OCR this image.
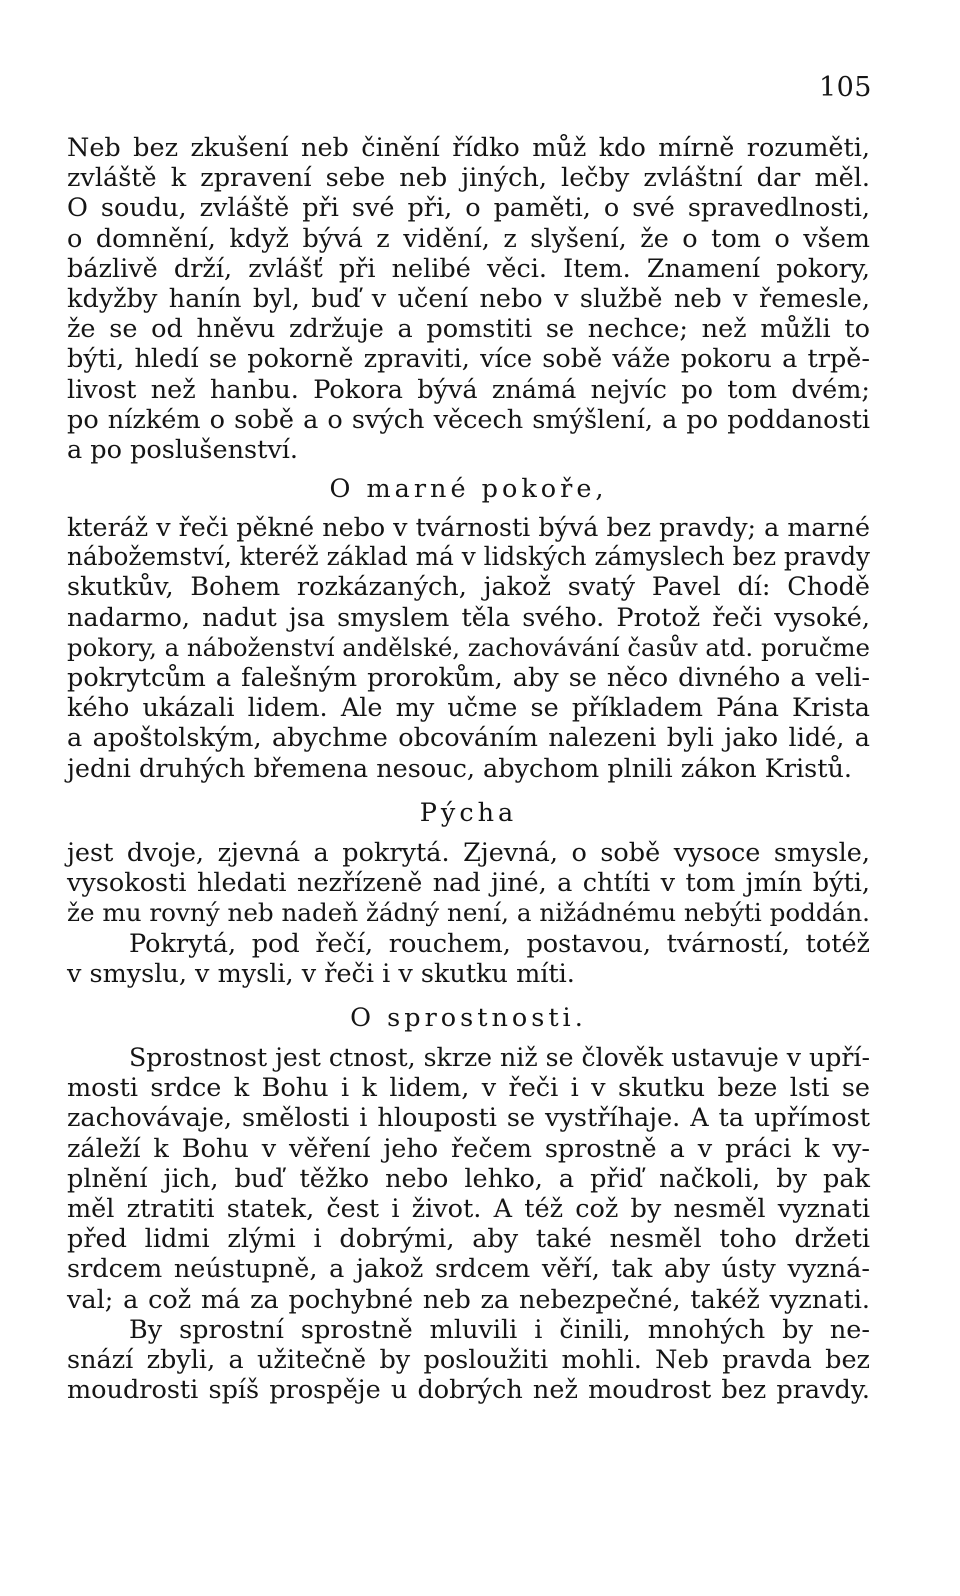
105
Neb bez zkušení neb činění řídko můž kdo mírně rozuměti,
zvláště k zpravení sebe neb jiných, lečby zvláštní dar měl.
O soudu, zvláště při své při, o paměti, o své spravedlnosti,
o domnění, když bývá z vidění, z slyšení, že o tom o všem
bázlivě drží, zvlášť při nelibé věci. Item. Znamení pokory,
kdyžby hanín byl, buď v učení nebo v službě neb v řemesle,
že se od hněvu zdržuje a pomstiti se nechce; než můžli to
býti, hledí se pokorně zpraviti, více sobě váže pokoru a trpě-
livost než hanbu. Pokora bývá známá nejvíc po tom dvém;
po nízkém o sobě a o svých věcech smýšlení, a po poddanosti
a po poslušenství.
O marné pokoře,
kteráž v řeči pěkné nebo v tvárnosti bývá bez pravdy; a marné
nábožemství, kteréž základ má v lidských zámyslech bez pravdy
skutkův, Bohem rozkázaných, jakož svatý Pavel dí: Chodě
nadarmo, nadut jsa smyslem těla svého. Protož řeči vysoké,
pokory, a náboženství andělské, zachovávání časův atd. poručme
pokrytcům a falešným prorokům, aby se něco divného a veli-
kého ukázali lidem. Ale my učme se příkladem Pána Krista
a apoštolským, abychme obcováním nalezeni byli jako lidé, a
jedni druhých břemena nesouc, abychom plnili zákon Kristů.
Pýcha
jest dvoje, zjevná a pokrytá. Zjevná, o sobě vysoce smysle,
vysokosti hledati nezřízeně nad jiné, a chtíti v tom jmín býti,
že mu rovný neb nadeň žádný není, a nižádnému nebýti poddán.
Pokrytá, pod řečí, rouchem, postavou, tvárností, totéž
v smyslu, v mysli, v řeči i v skutku míti.
O sprostnosti.
Sprostnost jest ctnost, skrze niž se člověk ustavuje v upří-
mosti srdce k Bohu i k lidem, v řeči i v skutku beze lsti se
zachovávaje, smělosti i hlouposti se vystříhaje. A ta upřímost
záleží k Bohu v věření jeho řečem sprostně a v práci k vy-
plnění jich, buď těžko nebo lehko, a přiď načkoli, by pak
měl ztratiti statek, čest i život. A též což by nesměl vyznati
před lidmi zlými i dobrými, aby také nesměl toho držeti
srdcem neústupně, a jakož srdcem věří, tak aby ústy vyzná-
val; a což má za pochybné neb za nebezpečné, takéž vyznati.
By sprostní sprostně mluvili i činili, mnohých by ne-
snází zbyli, a užitečně by posloužiti mohli. Neb pravda bez
moudrosti spíš prospěje u dobrých než moudrost bez pravdy.
